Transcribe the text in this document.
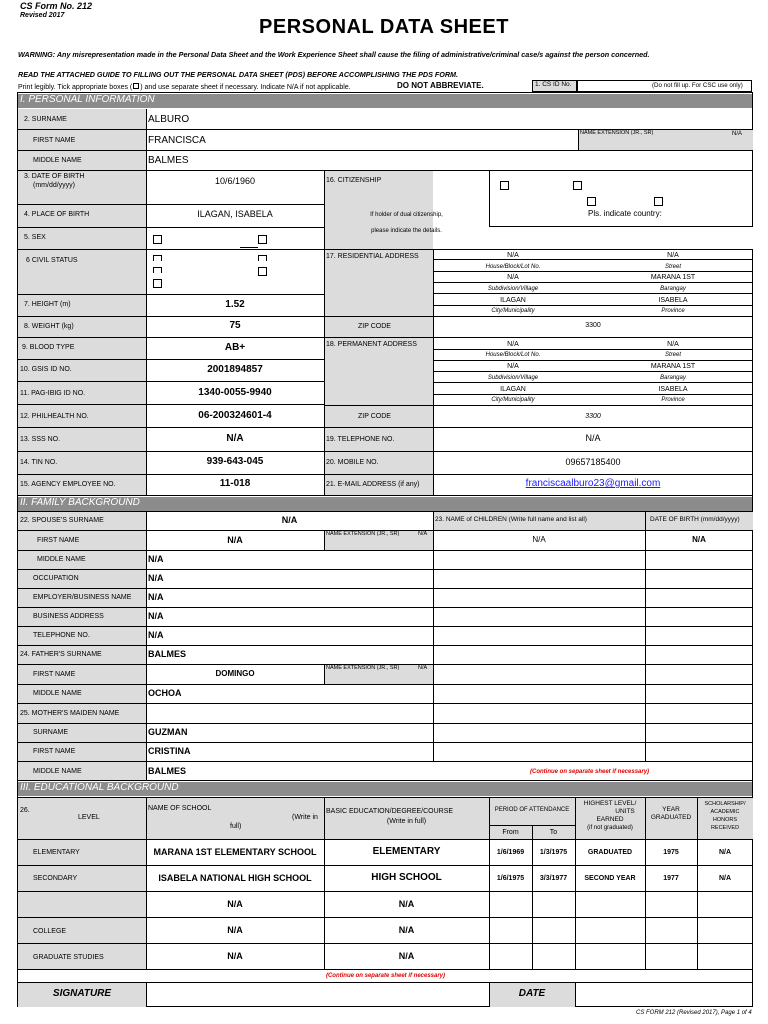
CS Form No. 212
Revised 2017
PERSONAL DATA SHEET
WARNING: Any misrepresentation made in the Personal Data Sheet and the Work Experience Sheet shall cause the filing of administrative/criminal case/s against the person concerned.
READ THE ATTACHED GUIDE TO FILLING OUT THE PERSONAL DATA SHEET (PDS) BEFORE ACCOMPLISHING THE PDS FORM.
Print legibly. Tick appropriate boxes ( ) and use separate sheet if necessary. Indicate N/A if not applicable.	DO NOT ABBREVIATE.	1. CS ID No.	(Do not fill up. For CSC use only)
I. PERSONAL INFORMATION
2. SURNAME	ALBURO
FIRST NAME	FRANCISCA
NAME EXTENSION (JR., SR)	N/A
MIDDLE NAME	BALMES
3. DATE OF BIRTH
(mm/dd/yyyy)	10/6/1960	16. CITIZENSHIP
If holder of dual citizenship,
please indicate the details.
Pls. indicate country:
4. PLACE OF BIRTH	ILAGAN, ISABELA
5. SEX
6 CIVIL STATUS
17. RESIDENTIAL ADDRESS	N/A	N/A
House/Block/Lot No.	Street
N/A	MARANA 1ST
Subdivision/Village	Barangay
ILAGAN	ISABELA
City/Municipality	Province
ZIP CODE	3300
18. PERMANENT ADDRESS	N/A	N/A
House/Block/Lot No.	Street
N/A	MARANA 1ST
Subdivision/Village	Barangay
ILAGAN	ISABELA
City/Municipality	Province
ZIP CODE	3300
7. HEIGHT (m)	1.52
8. WEIGHT (kg)	75
9. BLOOD TYPE	AB+
10. GSIS ID NO.	2001894857
11. PAG-IBIG ID NO.	1340-0055-9940
12. PHILHEALTH NO.	06-200324601-4
13. SSS NO.	N/A	19. TELEPHONE NO.	N/A
14. TIN NO.	939-643-045	20. MOBILE NO.	09657185400
15. AGENCY EMPLOYEE NO.	11-018	21. E-MAIL ADDRESS (if any)	franciscaalburo23@gmail.com
II. FAMILY BACKGROUND
22. SPOUSE'S SURNAME	N/A
FIRST NAME	N/A
NAME EXTENSION (JR., SR)	N/A
MIDDLE NAME	N/A
OCCUPATION	N/A
EMPLOYER/BUSINESS NAME N/A
BUSINESS ADDRESS	N/A
TELEPHONE NO.	N/A
23. NAME of CHILDREN (Write full name and list all)	DATE OF BIRTH (mm/dd/yyyy)
N/A	N/A
24. FATHER'S SURNAME	BALMES
FIRST NAME	DOMINGO
NAME EXTENSION (JR., SR)	N/A
MIDDLE NAME	OCHOA
25. MOTHER'S MAIDEN NAME
SURNAME	GUZMAN
FIRST NAME	CRISTINA
MIDDLE NAME	BALMES	(Continue on separate sheet if necessary)
III. EDUCATIONAL BACKGROUND
26.
LEVEL
NAME OF SCHOOL
(Write in
full)
BASIC EDUCATION/DEGREE/COURSE
(Write in full)
PERIOD OF ATTENDANCE
From	To
HIGHEST LEVEL/
UNITS
EARNED
(if not graduated)
YEAR
GRADUATED
SCHOLARSHIP/
ACADEMIC
HONORS
RECEIVED
ELEMENTARY	MARANA 1ST ELEMENTARY SCHOOL	ELEMENTARY	1/6/1969	1/3/1975	GRADUATED	1975	N/A
SECONDARY	ISABELA NATIONAL HIGH SCHOOL	HIGH SCHOOL	1/6/1975	3/3/1977	SECOND YEAR	1977	N/A
N/A	N/A
COLLEGE	N/A	N/A
GRADUATE STUDIES	N/A	N/A
(Continue on separate sheet if necessary)
SIGNATURE	DATE
CS FORM 212 (Revised 2017), Page 1 of 4
